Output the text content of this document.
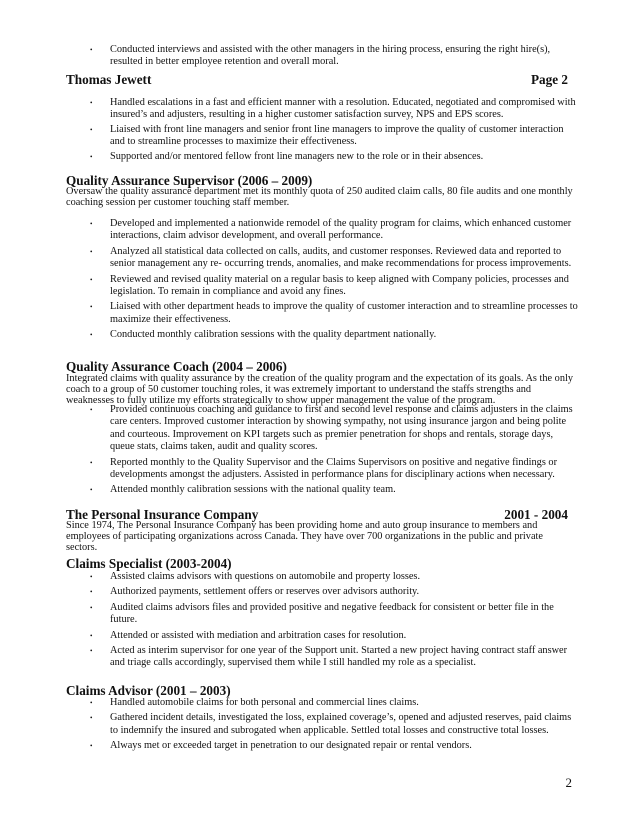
• Conducted interviews and assisted with the other managers in the hiring process, ensuring the right hire(s), resulted in better employee retention and overall moral.
Thomas Jewett	Page 2
• Handled escalations in a fast and efficient manner with a resolution. Educated, negotiated and compromised with insured’s and adjusters, resulting in a higher customer satisfaction survey, NPS and EPS scores.
• Liaised with front line managers and senior front line managers to improve the quality of customer interaction and to streamline processes to maximize their effectiveness.
• Supported and/or mentored fellow front line managers new to the role or in their absences.
Quality Assurance Supervisor (2006 – 2009)
Oversaw the quality assurance department met its monthly quota of 250 audited claim calls, 80 file audits and one monthly coaching session per customer touching staff member.
• Developed and implemented a nationwide remodel of the quality program for claims, which enhanced customer interactions, claim advisor development, and overall performance.
• Analyzed all statistical data collected on calls, audits, and customer responses. Reviewed data and reported to senior management any re- occurring trends, anomalies, and make recommendations for process improvements.
• Reviewed and revised quality material on a regular basis to keep aligned with Company policies, processes and legislation. To remain in compliance and avoid any fines.
• Liaised with other department heads to improve the quality of customer interaction and to streamline processes to maximize their effectiveness.
• Conducted monthly calibration sessions with the quality department nationally.
Quality Assurance Coach (2004 – 2006)
Integrated claims with quality assurance by the creation of the quality program and the expectation of its goals. As the only coach to a group of 50 customer touching roles, it was extremely important to understand the staffs strengths and weaknesses to fully utilize my efforts strategically to show upper management the value of the program.
• Provided continuous coaching and guidance to first and second level response and claims adjusters in the claims care centers. Improved customer interaction by showing sympathy, not using insurance jargon and being polite and courteous. Improvement on KPI targets such as premier penetration for shops and rentals, storage days, queue stats, claims taken, audit and quality scores.
• Reported monthly to the Quality Supervisor and the Claims Supervisors on positive and negative findings or developments amongst the adjusters. Assisted in performance plans for disciplinary actions when necessary.
• Attended monthly calibration sessions with the national quality team.
The Personal Insurance Company	2001 - 2004
Since 1974, The Personal Insurance Company has been providing home and auto group insurance to members and employees of participating organizations across Canada. They have over 700 organizations in the public and private sectors.
Claims Specialist (2003-2004)
• Assisted claims advisors with questions on automobile and property losses.
• Authorized payments, settlement offers or reserves over advisors authority.
• Audited claims advisors files and provided positive and negative feedback for consistent or better file in the future.
• Attended or assisted with mediation and arbitration cases for resolution.
• Acted as interim supervisor for one year of the Support unit. Started a new project having contract staff answer and triage calls accordingly, supervised them while I still handled my role as a specialist.
Claims Advisor (2001 – 2003)
• Handled automobile claims for both personal and commercial lines claims.
• Gathered incident details, investigated the loss, explained coverage’s, opened and adjusted reserves, paid claims to indemnify the insured and subrogated when applicable. Settled total losses and constructive total losses.
• Always met or exceeded target in penetration to our designated repair or rental vendors.
2
